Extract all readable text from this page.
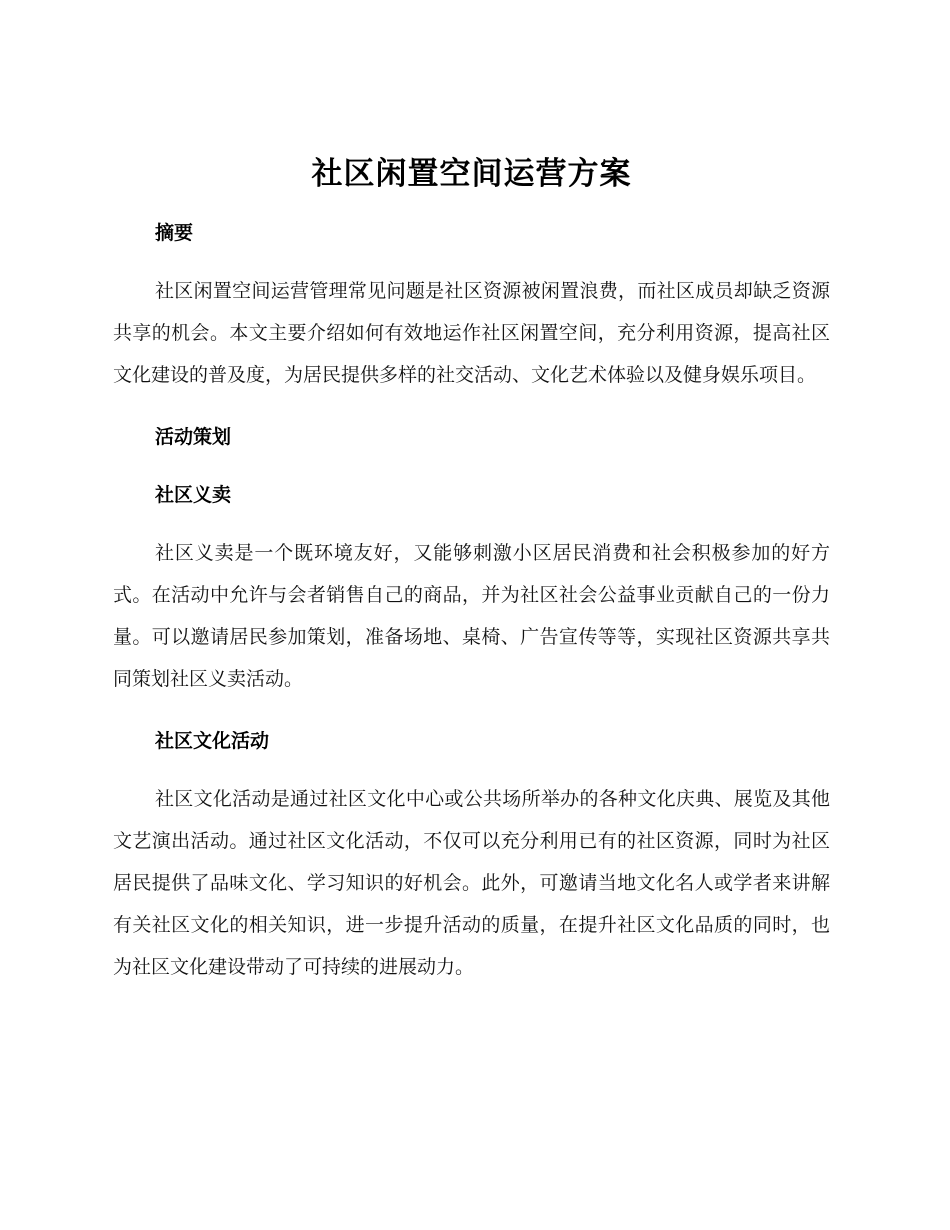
社区闲置空间运营方案
摘要

社区闲置空间运营管理常见问题是社区资源被闲置浪费，而社区成员却缺乏资源共享的机会。本文主要介绍如何有效地运作社区闲置空间，充分利用资源，提高社区文化建设的普及度，为居民提供多样的社交活动、文化艺术体验以及健身娱乐项目。

活动策划
社区义卖

社区义卖是一个既环境友好，又能够刺激小区居民消费和社会积极参加的好方式。在活动中允许与会者销售自己的商品，并为社区社会公益事业贡献自己的一份力量。可以邀请居民参加策划，准备场地、桌椅、广告宣传等等，实现社区资源共享共同策划社区义卖活动。

社区文化活动

社区文化活动是通过社区文化中心或公共场所举办的各种文化庆典、展览及其他文艺演出活动。通过社区文化活动，不仅可以充分利用已有的社区资源，同时为社区居民提供了品味文化、学习知识的好机会。此外，可邀请当地文化名人或学者来讲解有关社区文化的相关知识，进一步提升活动的质量，在提升社区文化品质的同时，也为社区文化建设带动了可持续的进展动力。
